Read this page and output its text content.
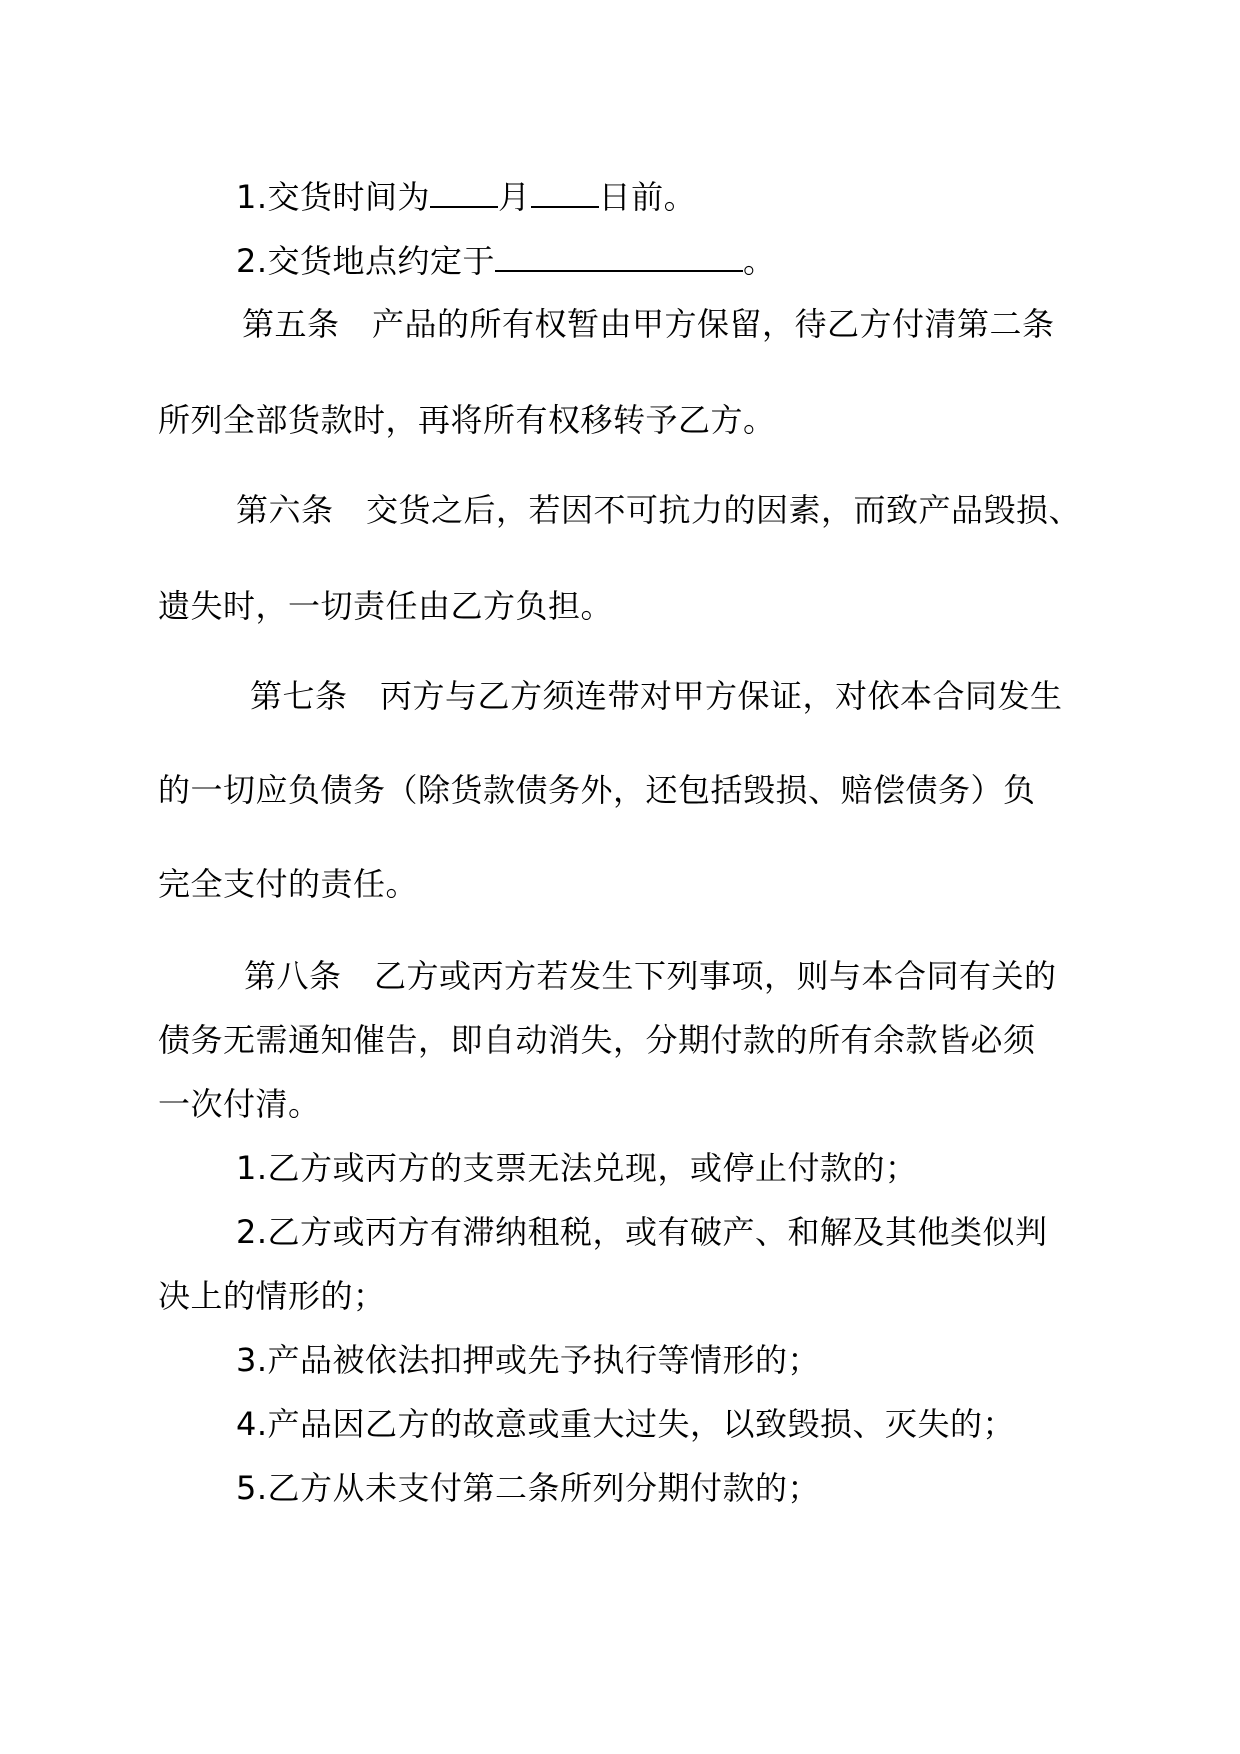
1.交货时间为 月 日前。
2.交货地点约定于	。
第五条　产品的所有权暂由甲方保留，待乙方付清第二条
所列全部货款时，再将所有权移转予乙方。
第六条　交货之后，若因不可抗力的因素，而致产品毁损、
遗失时，一切责任由乙方负担。
第七条　丙方与乙方须连带对甲方保证，对依本合同发生
的一切应负债务（除货款债务外，还包括毁损、赔偿债务）负
完全支付的责任。
第八条　乙方或丙方若发生下列事项，则与本合同有关的
债务无需通知催告，即自动消失，分期付款的所有余款皆必须
一次付清。
1.乙方或丙方的支票无法兑现，或停止付款的；
2.乙方或丙方有滞纳租税，或有破产、和解及其他类似判
决上的情形的；
3.产品被依法扣押或先予执行等情形的；
4.产品因乙方的故意或重大过失，以致毁损、灭失的；
5.乙方从未支付第二条所列分期付款的；
